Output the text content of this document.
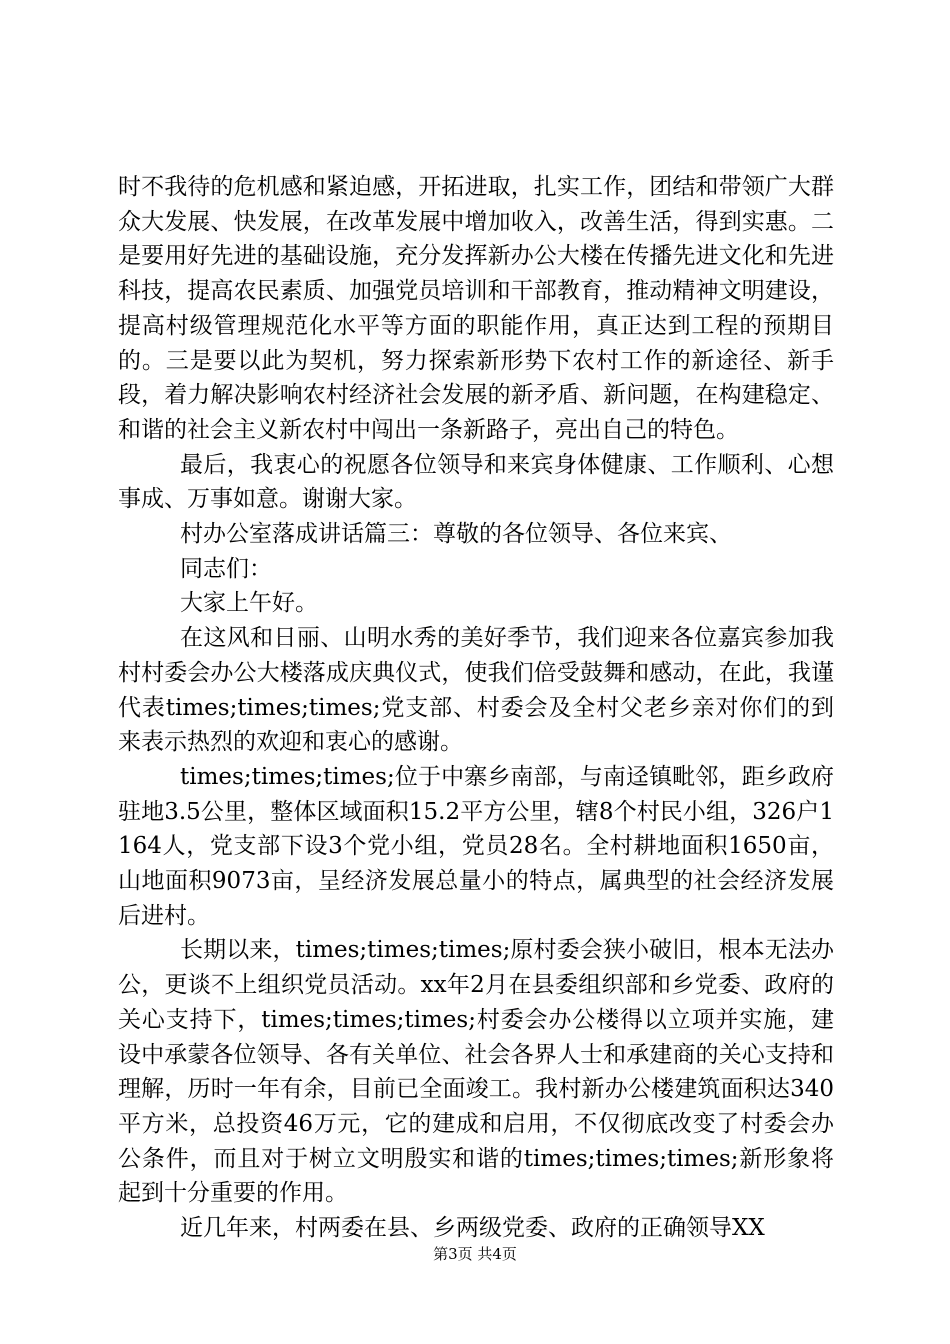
时不我待的危机感和紧迫感，开拓进取，扎实工作，团结和带领广大群众大发展、快发展，在改革发展中增加收入，改善生活，得到实惠。二是要用好先进的基础设施，充分发挥新办公大楼在传播先进文化和先进科技，提高农民素质、加强党员培训和干部教育，推动精神文明建设，提高村级管理规范化水平等方面的职能作用，真正达到工程的预期目的。三是要以此为契机，努力探索新形势下农村工作的新途径、新手段，着力解决影响农村经济社会发展的新矛盾、新问题，在构建稳定、和谐的社会主义新农村中闯出一条新路子，亮出自己的特色。

最后，我衷心的祝愿各位领导和来宾身体健康、工作顺利、心想事成、万事如意。谢谢大家。

村办公室落成讲话篇三：尊敬的各位领导、各位来宾、

同志们：

大家上午好。

在这风和日丽、山明水秀的美好季节，我们迎来各位嘉宾参加我村村委会办公大楼落成庆典仪式，使我们倍受鼓舞和感动，在此，我谨代表times;times;times;党支部、村委会及全村父老乡亲对你们的到来表示热烈的欢迎和衷心的感谢。

times;times;times;位于中寨乡南部，与南迳镇毗邻，距乡政府驻地3.5公里，整体区域面积15.2平方公里，辖8个村民小组，326户1164人，党支部下设3个党小组，党员28名。全村耕地面积1650亩，山地面积9073亩，呈经济发展总量小的特点，属典型的社会经济发展后进村。

长期以来，times;times;times;原村委会狭小破旧，根本无法办公，更谈不上组织党员活动。xx年2月在县委组织部和乡党委、政府的关心支持下，times;times;times;村委会办公楼得以立项并实施，建设中承蒙各位领导、各有关单位、社会各界人士和承建商的关心支持和理解，历时一年有余，目前已全面竣工。我村新办公楼建筑面积达340平方米，总投资46万元，它的建成和启用，不仅彻底改变了村委会办公条件，而且对于树立文明殷实和谐的times;times;times;新形象将起到十分重要的作用。

近几年来，村两委在县、乡两级党委、政府的正确领导XX

第3页 共4页
